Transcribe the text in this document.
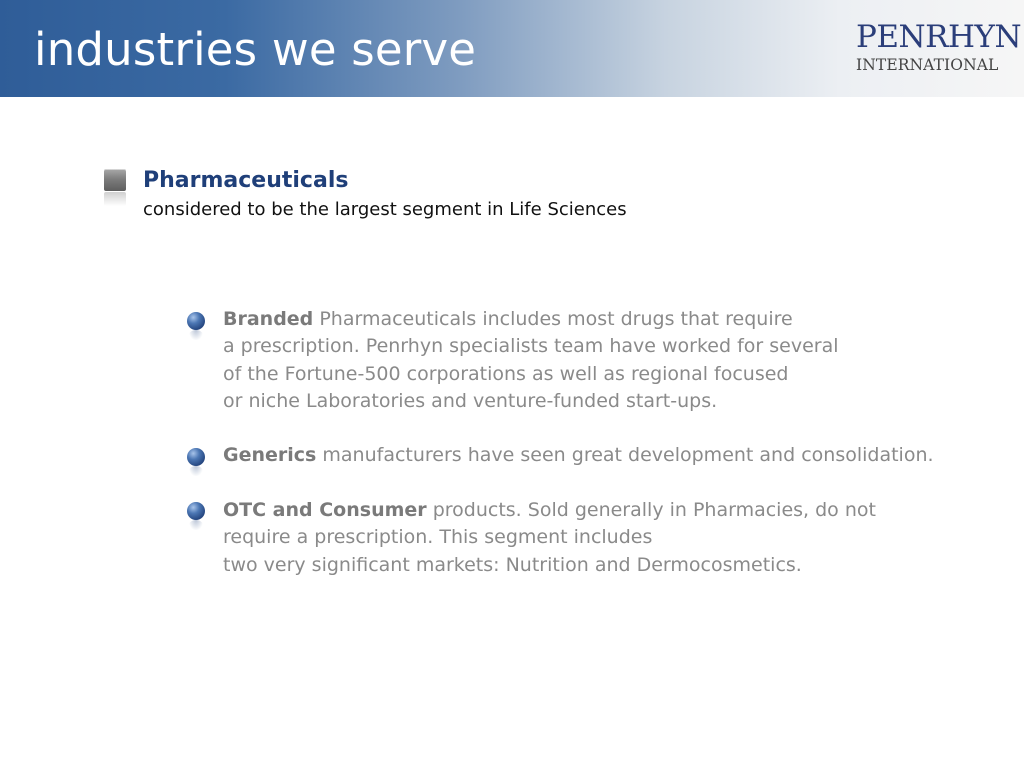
industries we serve	PENRHYN
INTERNATIONAL
Pharmaceuticals
considered to be the largest segment in Life Sciences
Branded Pharmaceuticals includes most drugs that require
a prescription. Penrhyn specialists team have worked for several
of the Fortune-500 corporations as well as regional focused
or niche Laboratories and venture-funded start-ups.
Generics manufacturers have seen great development and consolidation.
OTC and Consumer products. Sold generally in Pharmacies, do not
require a prescription. This segment includes
two very significant markets: Nutrition and Dermocosmetics.
